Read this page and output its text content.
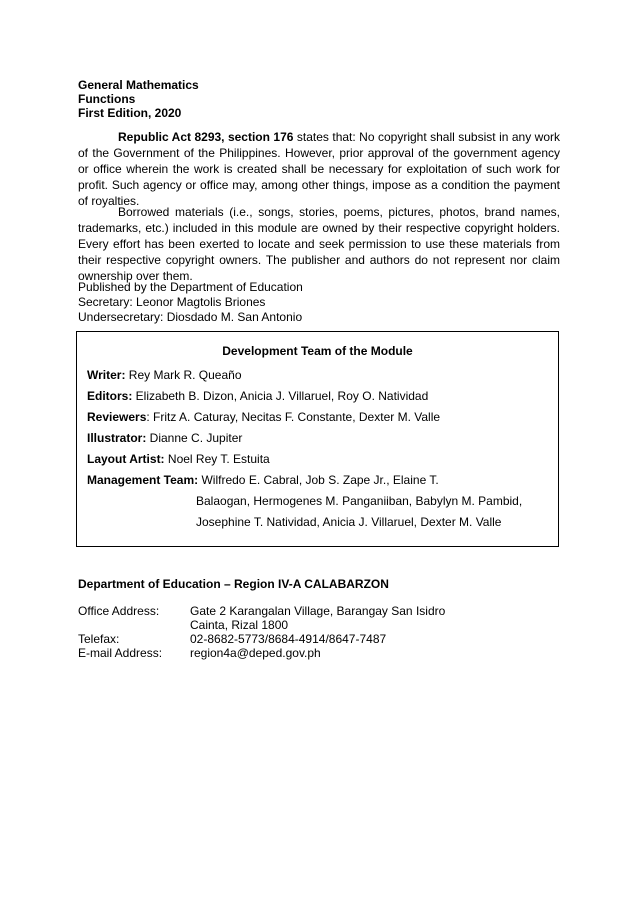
General Mathematics
Functions
First Edition, 2020

Republic Act 8293, section 176 states that: No copyright shall subsist in any work of the Government of the Philippines. However, prior approval of the government agency or office wherein the work is created shall be necessary for exploitation of such work for profit. Such agency or office may, among other things, impose as a condition the payment of royalties.

Borrowed materials (i.e., songs, stories, poems, pictures, photos, brand names, trademarks, etc.) included in this module are owned by their respective copyright holders. Every effort has been exerted to locate and seek permission to use these materials from their respective copyright owners. The publisher and authors do not represent nor claim ownership over them.

Published by the Department of Education
Secretary: Leonor Magtolis Briones
Undersecretary: Diosdado M. San Antonio
Development Team of the Module
Writer: Rey Mark R. Queaño
Editors: Elizabeth B. Dizon, Anicia J. Villaruel, Roy O. Natividad
Reviewers: Fritz A. Caturay, Necitas F. Constante, Dexter M. Valle
Illustrator: Dianne C. Jupiter
Layout Artist: Noel Rey T. Estuita
Management Team: Wilfredo E. Cabral, Job S. Zape Jr., Elaine T.
Balaogan, Hermogenes M. Panganiiban, Babylyn M. Pambid,
Josephine T. Natividad, Anicia J. Villaruel, Dexter M. Valle
Department of Education – Region IV-A CALABARZON
Office Address:	Gate 2 Karangalan Village, Barangay San Isidro
Cainta, Rizal 1800
Telefax:	02-8682-5773/8684-4914/8647-7487
E-mail Address: region4a@deped.gov.ph
